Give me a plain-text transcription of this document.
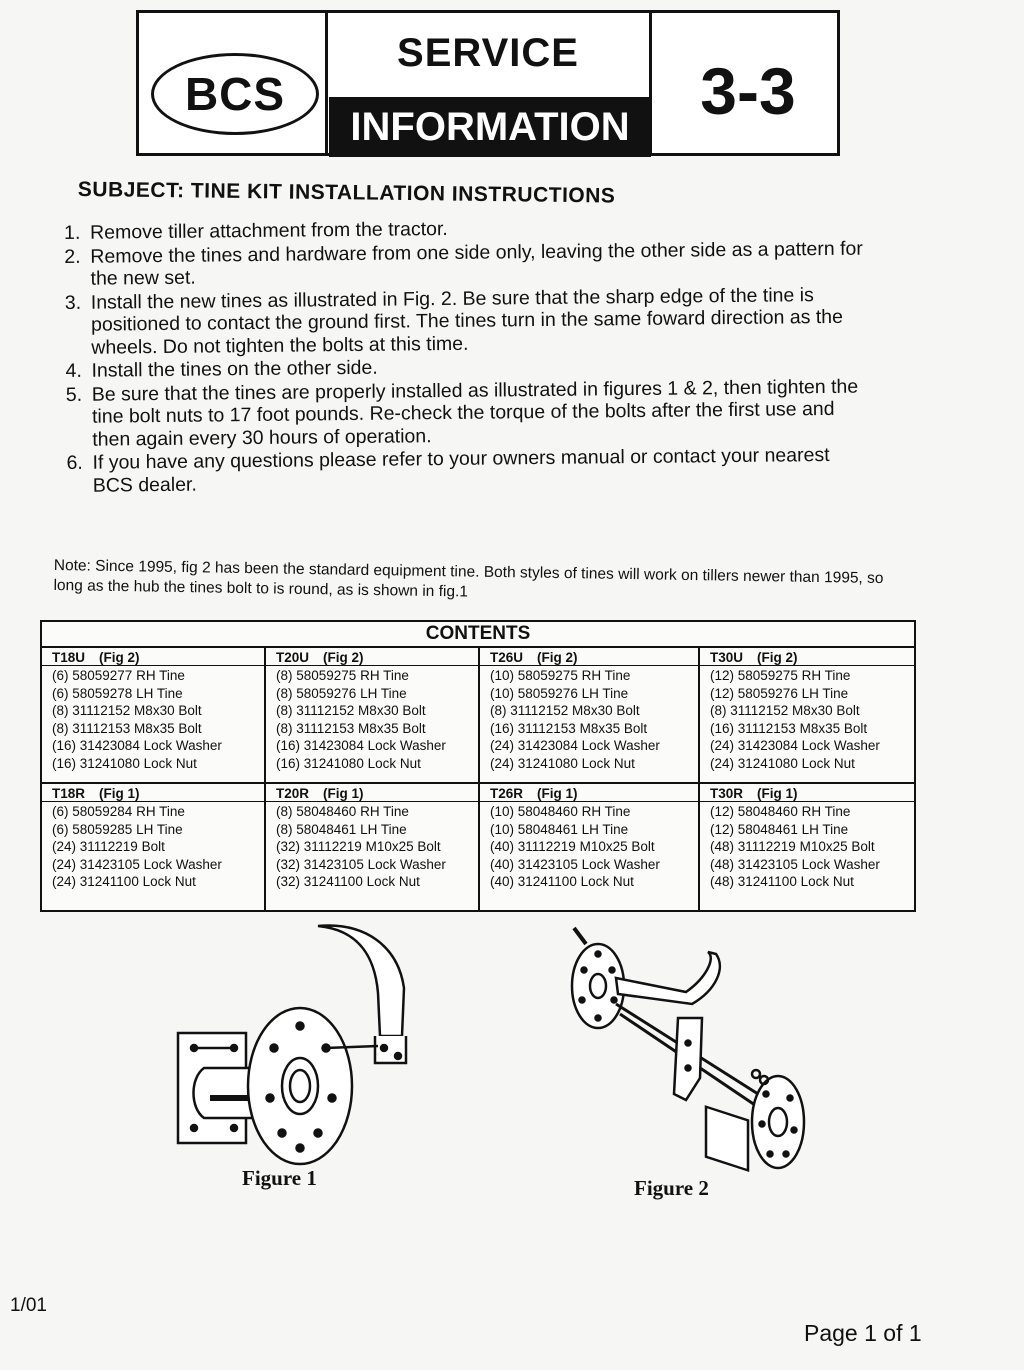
BCS
SERVICE
INFORMATION	3-3
SUBJECT: TINE KIT INSTALLATION INSTRUCTIONS
1. Remove tiller attachment from the tractor.
2. Remove the tines and hardware from one side only, leaving the other side as a pattern for the new set.
3. Install the new tines as illustrated in Fig. 2. Be sure that the sharp edge of the tine is positioned to contact the ground first. The tines turn in the same foward direction as the wheels. Do not tighten the bolts at this time.
4. Install the tines on the other side.
5. Be sure that the tines are properly installed as illustrated in figures 1 & 2, then tighten the tine bolt nuts to 17 foot pounds. Re-check the torque of the bolts after the first use and then again every 30 hours of operation.
6. If you have any questions please refer to your owners manual or contact your nearest BCS dealer.
Note: Since 1995, fig 2 has been the standard equipment tine. Both styles of tines will work on tillers newer than 1995, so long as the hub the tines bolt to is round, as is shown in fig.1
CONTENTS
T18U (Fig 2)
(6) 58059277 RH Tine
(6) 58059278 LH Tine
(8) 31112152 M8x30 Bolt
(8) 31112153 M8x35 Bolt
(16) 31423084 Lock Washer
(16) 31241080 Lock Nut
T20U (Fig 2)
(8) 58059275 RH Tine
(8) 58059276 LH Tine
(8) 31112152 M8x30 Bolt
(8) 31112153 M8x35 Bolt
(16) 31423084 Lock Washer
(16) 31241080 Lock Nut
T26U (Fig 2)
(10) 58059275 RH Tine
(10) 58059276 LH Tine
(8) 31112152 M8x30 Bolt
(16) 31112153 M8x35 Bolt
(24) 31423084 Lock Washer
(24) 31241080 Lock Nut
T30U (Fig 2)
(12) 58059275 RH Tine
(12) 58059276 LH Tine
(8) 31112152 M8x30 Bolt
(16) 31112153 M8x35 Bolt
(24) 31423084 Lock Washer
(24) 31241080 Lock Nut
T18R (Fig 1)
(6) 58059284 RH Tine
(6) 58059285 LH Tine
(24) 31112219 Bolt
(24) 31423105 Lock Washer
(24) 31241100 Lock Nut
T20R (Fig 1)
(8) 58048460 RH Tine
(8) 58048461 LH Tine
(32) 31112219 M10x25 Bolt
(32) 31423105 Lock Washer
(32) 31241100 Lock Nut
T26R (Fig 1)
(10) 58048460 RH Tine
(10) 58048461 LH Tine
(40) 31112219 M10x25 Bolt
(40) 31423105 Lock Washer
(40) 31241100 Lock Nut
T30R (Fig 1)
(12) 58048460 RH Tine
(12) 58048461 LH Tine
(48) 31112219 M10x25 Bolt
(48) 31423105 Lock Washer
(48) 31241100 Lock Nut
Figure 1	Figure 2
1/01
Page 1 of 1
